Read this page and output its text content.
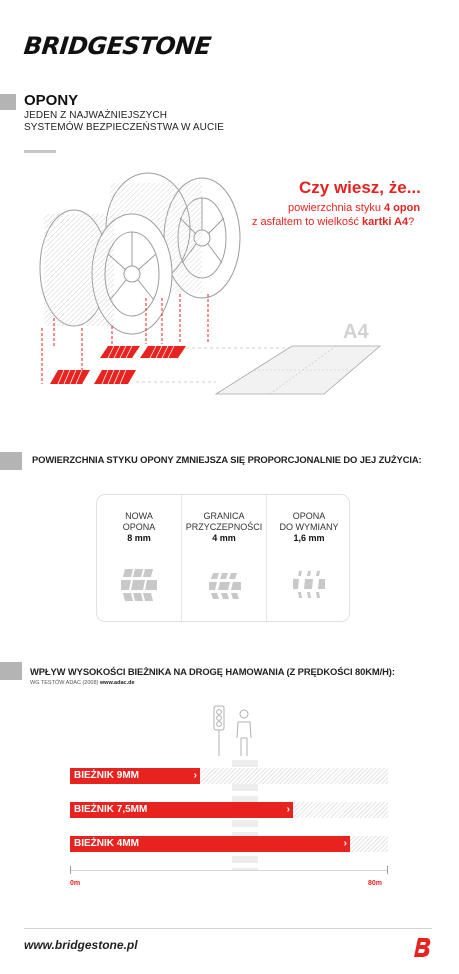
BRIDGESTONE
OPONY
JEDEN Z NAJWAŻNIEJSZYCH
SYSTEMÓW BEZPIECZEŃSTWA W AUCIE
A4
Czy wiesz, że...
powierzchnia styku 4 opon
z asfaltem to wielkość kartki A4?
POWIERZCHNIA STYKU OPONY ZMNIEJSZA SIĘ PROPORCJONALNIE DO JEJ ZUŻYCIA:
NOWA
OPONA
8 mm
GRANICA
PRZYCZEPNOŚCI
4 mm
OPONA
DO WYMIANY
1,6 mm
WPŁYW WYSOKOŚCI BIEŻNIKA NA DROGĘ HAMOWANIA (Z PRĘDKOŚCI 80KM/H):
WG TESTÓW ADAC (2008) www.adac.de
BIEŻNIK 9MM	›
BIEŻNIK 7,5MM	›
BIEŻNIK 4MM	›
0m	80m
www.bridgestone.pl
